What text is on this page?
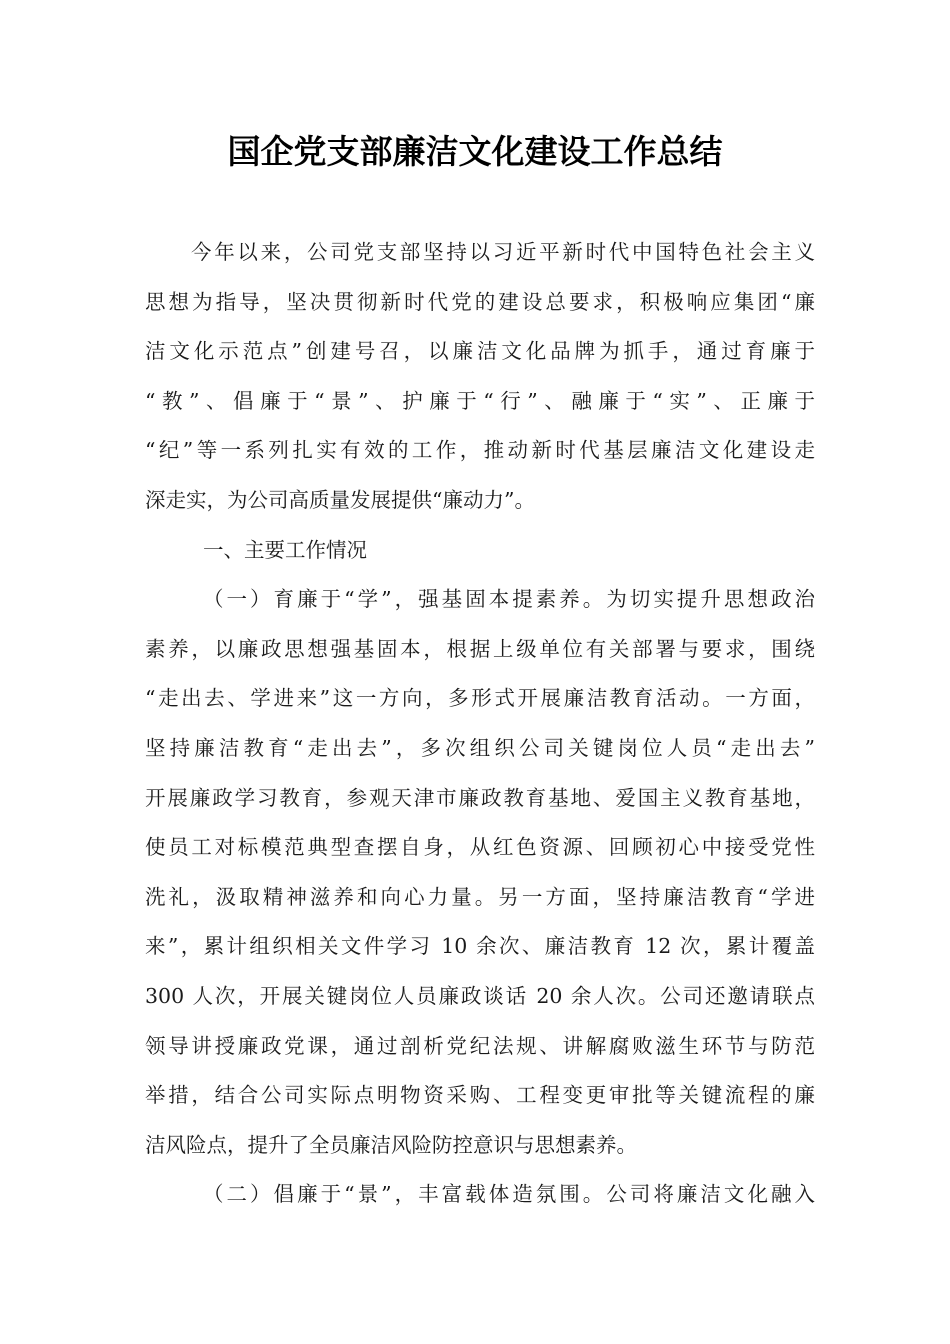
国企党支部廉洁文化建设工作总结
今年以来，公司党支部坚持以习近平新时代中国特色社会主义
思想为指导，坚决贯彻新时代党的建设总要求，积极响应集团“廉
洁文化示范点”创建号召，以廉洁文化品牌为抓手，通过育廉于
“教”、倡廉于“景”、护廉于“行”、融廉于“实”、正廉于
“纪”等一系列扎实有效的工作，推动新时代基层廉洁文化建设走
深走实，为公司高质量发展提供“廉动力”。
一、主要工作情况
（一）育廉于“学”，强基固本提素养。为切实提升思想政治
素养，以廉政思想强基固本，根据上级单位有关部署与要求，围绕
“走出去、学进来”这一方向，多形式开展廉洁教育活动。一方面，
坚持廉洁教育“走出去”，多次组织公司关键岗位人员“走出去”
开展廉政学习教育，参观天津市廉政教育基地、爱国主义教育基地，
使员工对标模范典型查摆自身，从红色资源、回顾初心中接受党性
洗礼，汲取精神滋养和向心力量。另一方面，坚持廉洁教育“学进
来”，累计组织相关文件学习 10 余次、廉洁教育 12 次，累计覆盖
300 人次，开展关键岗位人员廉政谈话 20 余人次。公司还邀请联点
领导讲授廉政党课，通过剖析党纪法规、讲解腐败滋生环节与防范
举措，结合公司实际点明物资采购、工程变更审批等关键流程的廉
洁风险点，提升了全员廉洁风险防控意识与思想素养。
（二）倡廉于“景”，丰富载体造氛围。公司将廉洁文化融入
